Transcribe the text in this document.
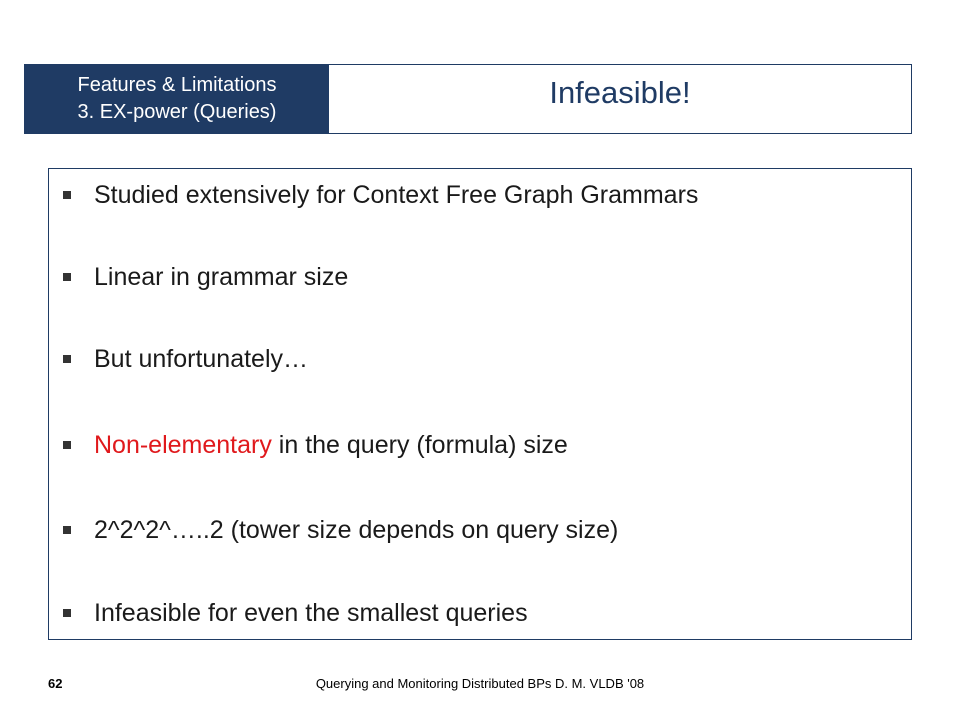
Features & Limitations
3. EX-power (Queries)
Infeasible!
Studied extensively for Context Free Graph Grammars
Linear in grammar size
But unfortunately…
Non-elementary in the query (formula) size
2^2^2^…..2 (tower size depends on query size)
Infeasible for even the smallest queries
62	Querying and Monitoring Distributed BPs D. M. VLDB '08
